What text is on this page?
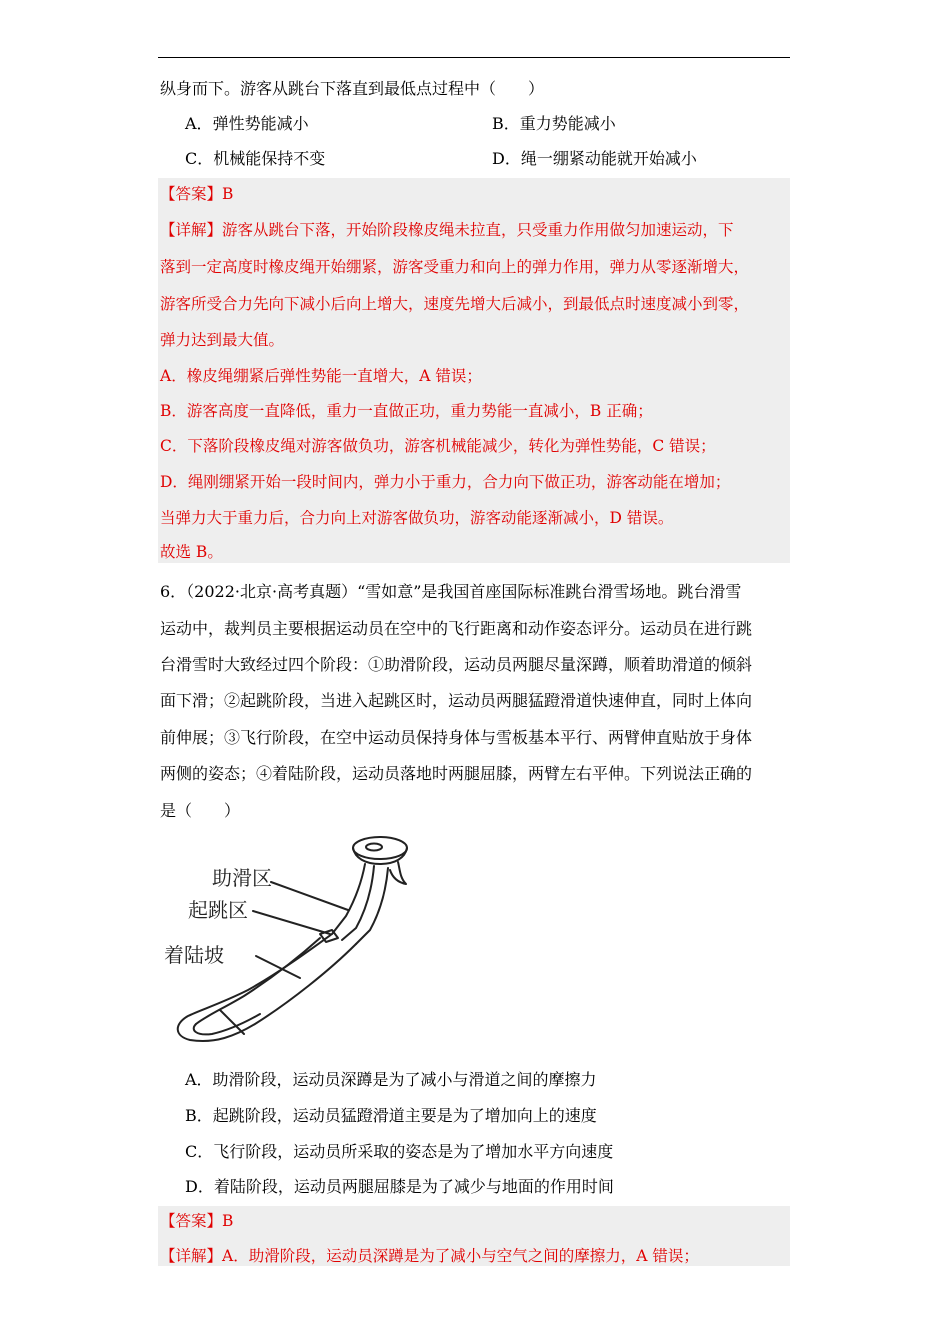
纵身而下。游客从跳台下落直到最低点过程中（　　）
A．弹性势能减小	B．重力势能减小
C．机械能保持不变	D．绳一绷紧动能就开始减小
【答案】B
【详解】游客从跳台下落，开始阶段橡皮绳未拉直，只受重力作用做匀加速运动，下
落到一定高度时橡皮绳开始绷紧，游客受重力和向上的弹力作用，弹力从零逐渐增大，
游客所受合力先向下减小后向上增大，速度先增大后减小，到最低点时速度减小到零，
弹力达到最大值。
A．橡皮绳绷紧后弹性势能一直增大，A 错误；
B．游客高度一直降低，重力一直做正功，重力势能一直减小，B 正确；
C．下落阶段橡皮绳对游客做负功，游客机械能减少，转化为弹性势能，C 错误；
D．绳刚绷紧开始一段时间内，弹力小于重力，合力向下做正功，游客动能在增加；
当弹力大于重力后，合力向上对游客做负功，游客动能逐渐减小，D 错误。
故选 B。
6．（2022·北京·高考真题）“雪如意”是我国首座国际标准跳台滑雪场地。跳台滑雪
运动中，裁判员主要根据运动员在空中的飞行距离和动作姿态评分。运动员在进行跳
台滑雪时大致经过四个阶段：①助滑阶段，运动员两腿尽量深蹲，顺着助滑道的倾斜
面下滑；②起跳阶段，当进入起跳区时，运动员两腿猛蹬滑道快速伸直，同时上体向
前伸展；③飞行阶段，在空中运动员保持身体与雪板基本平行、两臂伸直贴放于身体
两侧的姿态；④着陆阶段，运动员落地时两腿屈膝，两臂左右平伸。下列说法正确的
是（　　）
助滑区
起跳区
着陆坡
A．助滑阶段，运动员深蹲是为了减小与滑道之间的摩擦力
B．起跳阶段，运动员猛蹬滑道主要是为了增加向上的速度
C．飞行阶段，运动员所采取的姿态是为了增加水平方向速度
D．着陆阶段，运动员两腿屈膝是为了减少与地面的作用时间
【答案】B
【详解】A．助滑阶段，运动员深蹲是为了减小与空气之间的摩擦力，A 错误；
